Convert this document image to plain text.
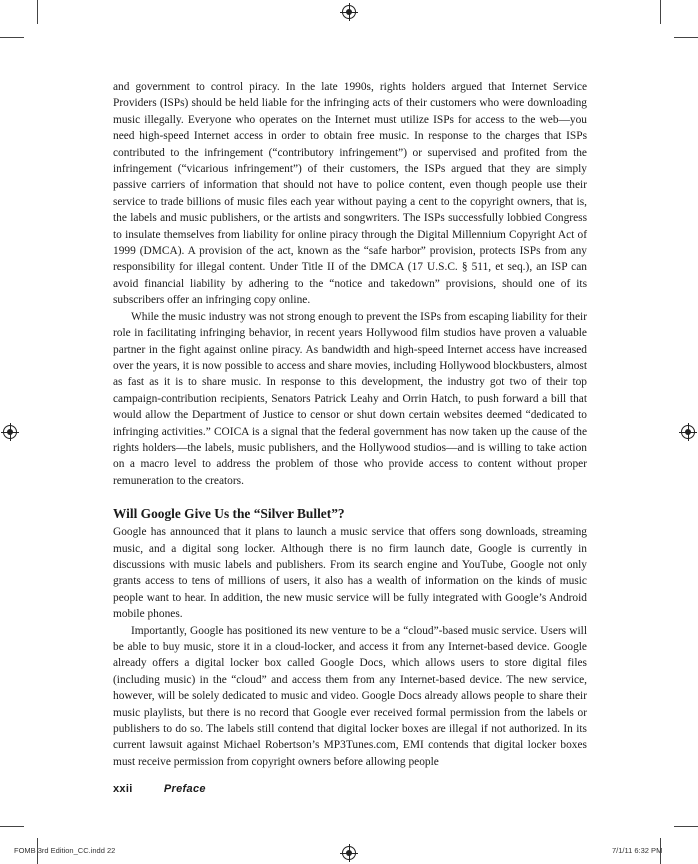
and government to control piracy. In the late 1990s, rights holders argued that Internet Service Providers (ISPs) should be held liable for the infringing acts of their customers who were downloading music illegally. Everyone who operates on the Internet must utilize ISPs for access to the web—you need high-speed Internet access in order to obtain free music. In response to the charges that ISPs contributed to the infringement (“contributory infringement”) or supervised and profited from the infringement (“vicarious infringement”) of their customers, the ISPs argued that they are simply passive carriers of information that should not have to police content, even though people use their service to trade billions of music files each year without paying a cent to the copyright owners, that is, the labels and music publishers, or the artists and songwriters. The ISPs successfully lobbied Congress to insulate themselves from liability for online piracy through the Digital Millennium Copyright Act of 1999 (DMCA). A provision of the act, known as the “safe harbor” provision, protects ISPs from any responsibility for illegal content. Under Title II of the DMCA (17 U.S.C. § 511, et seq.), an ISP can avoid financial liability by adhering to the “notice and takedown” provisions, should one of its subscribers offer an infringing copy online.

While the music industry was not strong enough to prevent the ISPs from escaping liability for their role in facilitating infringing behavior, in recent years Hollywood film studios have proven a valuable partner in the fight against online piracy. As bandwidth and high-speed Internet access have increased over the years, it is now possible to access and share movies, including Hollywood blockbusters, almost as fast as it is to share music. In response to this development, the industry got two of their top campaign-contribution recipients, Senators Patrick Leahy and Orrin Hatch, to push forward a bill that would allow the Department of Justice to censor or shut down certain websites deemed “dedicated to infringing activities.” COICA is a signal that the federal government has now taken up the cause of the rights holders—the labels, music publishers, and the Hollywood studios—and is willing to take action on a macro level to address the problem of those who provide access to content without proper remuneration to the creators.

Will Google Give Us the “Silver Bullet”?

Google has announced that it plans to launch a music service that offers song downloads, streaming music, and a digital song locker. Although there is no firm launch date, Google is currently in discussions with music labels and publishers. From its search engine and YouTube, Google not only grants access to tens of millions of users, it also has a wealth of information on the kinds of music people want to hear. In addition, the new music service will be fully integrated with Google’s Android mobile phones.

Importantly, Google has positioned its new venture to be a “cloud”-based music service. Users will be able to buy music, store it in a cloud-locker, and access it from any Internet-based device. Google already offers a digital locker box called Google Docs, which allows users to store digital files (including music) in the “cloud” and access them from any Internet-based device. The new service, however, will be solely dedicated to music and video. Google Docs already allows people to share their music playlists, but there is no record that Google ever received formal permission from the labels or publishers to do so. The labels still contend that digital locker boxes are illegal if not authorized. In its current lawsuit against Michael Robertson’s MP3Tunes.com, EMI contends that digital locker boxes must receive permission from copyright owners before allowing people

xxii	Preface
FOMB 3rd Edition_CC.indd 22	7/1/11 6:32 PM
